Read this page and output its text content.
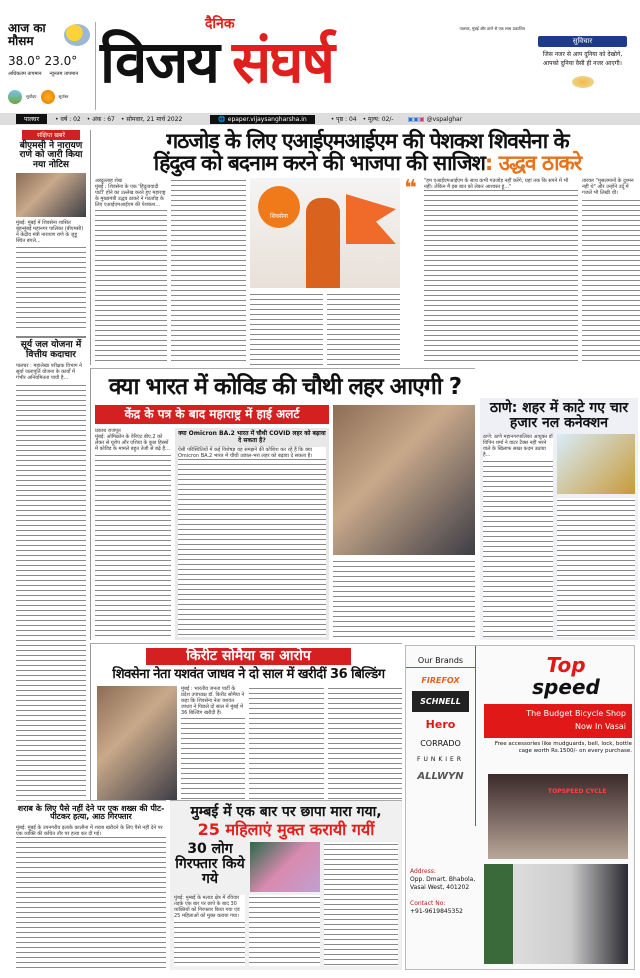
आज का
मौसम
38.0° 23.0°
अधिकतम तापमान न्यूनतम तापमान
सूर्योदय	सूर्यास्त
दैनिक	पालघर, मुंबई और ठाणे से एक साथ प्रकाशित
विजय संघर्ष	सुविचार
जिस नजर से आप दुनिया को देखोगे, आपको दुनिया वैसी ही नजर आएगी।
पालघर	• वर्ष : 02 • अंक : 67 • सोमवार, 21 मार्च 2022	🌐 epaper.vijaysangharsha.in	• पृष्ठ : 04 • मूल्य: 02/- ▣▣▣ @vspalghar
संक्षिप्त खबरें
बीएमसी ने नारायण राणे को जारी किया नया नोटिस
मुंबई: मुंबई में शिवसेना शासित बृहन्मुंबई महानगर पालिका (बीएमसी) ने केंद्रीय मंत्री नारायण राणे के जुहू स्थित बंगले...
सूर्य जल योजना में वित्तीय कदाचार
पालघर : महालेखा परीक्षक विभाग ने सूर्या जलापूर्ति योजना के कार्यों में गंभीर अनियमितता पायी है...
गठजोड़ के लिए एआईएमआईएम की पेशकश शिवसेना के
हिंदुत्व को बदनाम करने की भाजपा की साजिश: उद्धव ठाकरे
अब्दुल्लाह शेख
मुंबई : शिवसेना के एक 'हिंदुत्ववादी पार्टी' होने का उल्लेख करते हुए महाराष्ट्र के मुख्यमंत्री उद्धव ठाकरे ने गठजोड़ के लिए एआईएमआईएम की पेशकश...
शिवसेना
❝	"हम एआईएमआईएम के साथ कभी गठजोड़ नहीं करेंगे, यहां तक कि सपने में भी नहीं। लेकिन मैं इस बात को लेकर आश्वस्त हूं..."
तारकर "मुसलमानों के दुश्मन नहीं थे" और उन्होंने उर्दू में गजलें भी लिखी थीं।
क्या भारत में कोविड की चौथी लहर आएगी ?
केंद्र के पत्र के बाद महाराष्ट्र में हाई अलर्ट
प्रकाश राजपूत
मुंबई: ओमिक्रोन के वेरिएंट बीए.2 को लेकर से यूरोप और एशिया के कुछ हिस्सों में कोविड के मामले बहुत तेजी से बढ़े हैं...
क्या Omicron BA.2 भारत में चौथी COVID लहर को बढ़ावा दे सकता है?
ऐसी परिस्थितियों में कई विशेषज्ञ यह समझने की कोशिश कर रहे हैं कि क्या Omicron BA.2 भारत में चौथी उछाल-भरा लहर को बढ़ावा दे सकता है।
ठाणे: शहर में काटे गए चार हजार नल कनेक्शन
ठाणे: ठाणे महानगरपालिका आयुक्त डॉ विपिन शर्मा ने वाटर टैक्स नहीं भरने वाले के खिलाफ सख्त कदम उठाया है...
किरीट सोमैया का आरोप
शिवसेना नेता यशवंत जाधव ने दो साल में खरीदीं 36 बिल्डिंग
मुंबई : भारतीय जनता पार्टी के प्रदेश उपाध्यक्ष डॉ. किरीट सोमैया ने कहा कि शिवसेना नेता यशवंत जाधव ने पिछले दो साल में मुंबई में 36 बिल्डिंग खरीदी हैं।
Our Brands
FIREFOX
SCHNELL
Hero
CORRADO
FUNKIER
ALLWYN
Top
speed
The Budget Bicycle Shop
Now In Vasai
Free accessories like mudguards, bell, lock, bottle cage worth Rs.1500/- on every purchase.
TOPSPEED CYCLE
Address:
Opp. Dmart, Bhabola, Vasai West, 401202
Contact No:
+91-9619845352
शराब के लिए पैसे नहीं देने पर एक शख्स की पीट-पीटकर हत्या, आठ गिरफ्तार
मुंबई: मुंबई के उपनगरीय इलाके कालीना में शराब खरीदने के लिए पैसे नहीं देने पर एक व्यक्ति की कथित तौर पर हत्या कर दी गई।
मुम्बई में एक बार पर छापा मारा गया,
25 महिलाएं मुक्त करायी गयीं
30 लोग गिरफ्तार किये गये
मुंबई: मुम्बई के मलाड क्षेत्र में रविवार तड़के एक बार पर छापे के बाद 30 व्यक्तियों को गिरफ्तार किया गया एवं 25 महिलाओं को मुक्त कराया गया।
